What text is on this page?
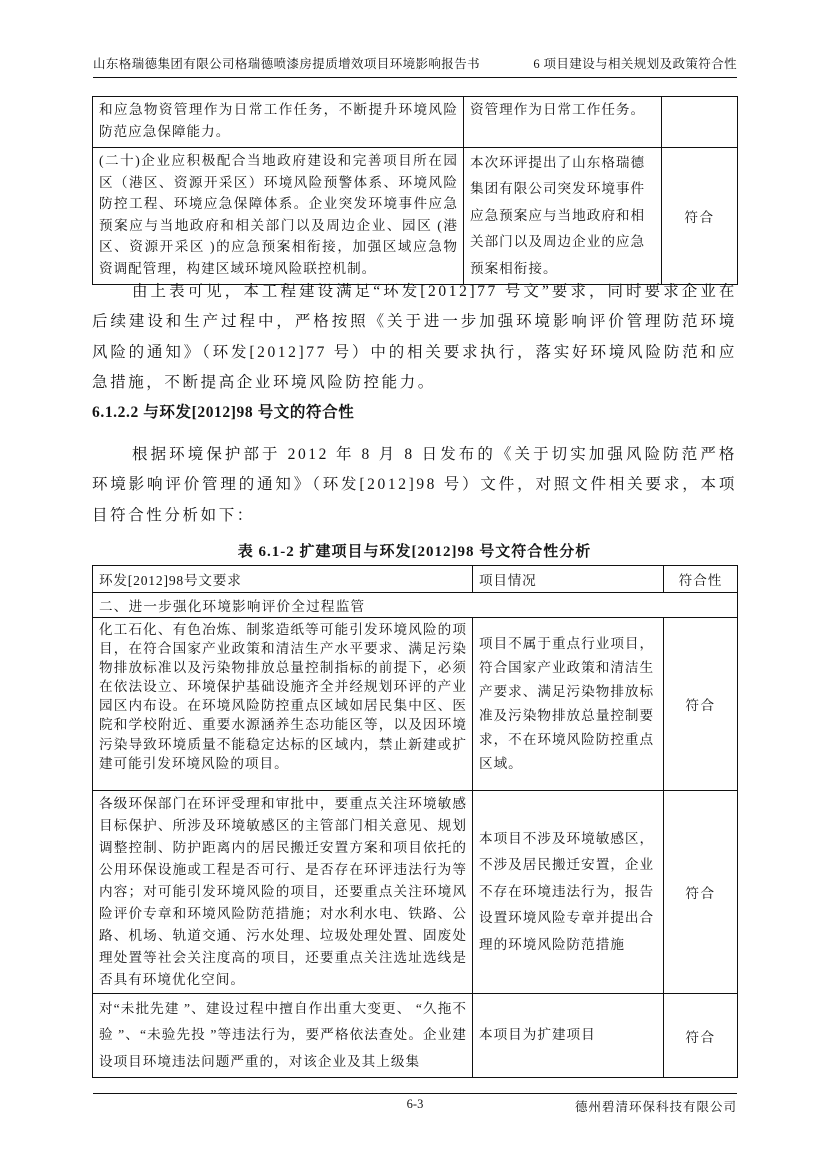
山东格瑞德集团有限公司格瑞德喷漆房提质增效项目环境影响报告书	6 项目建设与相关规划及政策符合性
和应急物资管理作为日常工作任务，不断提升环境风险防范应急保障能力。	资管理作为日常工作任务。	
(二十)企业应积极配合当地政府建设和完善项目所在园区（港区、资源开采区）环境风险预警体系、环境风险防控工程、环境应急保障体系。企业突发环境事件应急预案应与当地政府和相关部门以及周边企业、园区 (港区、资源开采区 )的应急预案相衔接，加强区域应急物资调配管理，构建区域环境风险联控机制。	本次环评提出了山东格瑞德集团有限公司突发环境事件应急预案应与当地政府和相关部门以及周边企业的应急预案相衔接。	符合

由上表可见，本工程建设满足“环发[2012]77 号文”要求，同时要求企业在后续建设和生产过程中，严格按照《关于进一步加强环境影响评价管理防范环境风险的通知》（环发[2012]77 号）中的相关要求执行，落实好环境风险防范和应急措施，不断提高企业环境风险防控能力。

6.1.2.2 与环发[2012]98 号文的符合性

根据环境保护部于 2012 年 8 月 8 日发布的《关于切实加强风险防范严格环境影响评价管理的通知》（环发[2012]98 号）文件，对照文件相关要求，本项目符合性分析如下：

表 6.1-2 扩建项目与环发[2012]98 号文符合性分析
环发[2012]98号文要求	项目情况	符合性
二、进一步强化环境影响评价全过程监管		
化工石化、有色冶炼、制浆造纸等可能引发环境风险的项目，在符合国家产业政策和清洁生产水平要求、满足污染物排放标准以及污染物排放总量控制指标的前提下，必须在依法设立、环境保护基础设施齐全并经规划环评的产业园区内布设。在环境风险防控重点区域如居民集中区、医院和学校附近、重要水源涵养生态功能区等，以及因环境污染导致环境质量不能稳定达标的区域内，禁止新建或扩建可能引发环境风险的项目。	项目不属于重点行业项目，符合国家产业政策和清洁生产要求、满足污染物排放标准及污染物排放总量控制要求，不在环境风险防控重点区域。	符合
各级环保部门在环评受理和审批中，要重点关注环境敏感目标保护、所涉及环境敏感区的主管部门相关意见、规划调整控制、防护距离内的居民搬迁安置方案和项目依托的公用环保设施或工程是否可行、是否存在环评违法行为等内容；对可能引发环境风险的项目，还要重点关注环境风险评价专章和环境风险防范措施；对水利水电、铁路、公路、机场、轨道交通、污水处理、垃圾处理处置、固废处理处置等社会关注度高的项目，还要重点关注选址选线是否具有环境优化空间。	本项目不涉及环境敏感区，不涉及居民搬迁安置，企业不存在环境违法行为，报告设置环境风险专章并提出合理的环境风险防范措施	符合
对“未批先建 ”、建设过程中擅自作出重大变更、 “久拖不验 ”、“未验先投 ”等违法行为，要严格依法查处。企业建设项目环境违法问题严重的，对该企业及其上级集	本项目为扩建项目	符合
6-3	德州碧清环保科技有限公司
